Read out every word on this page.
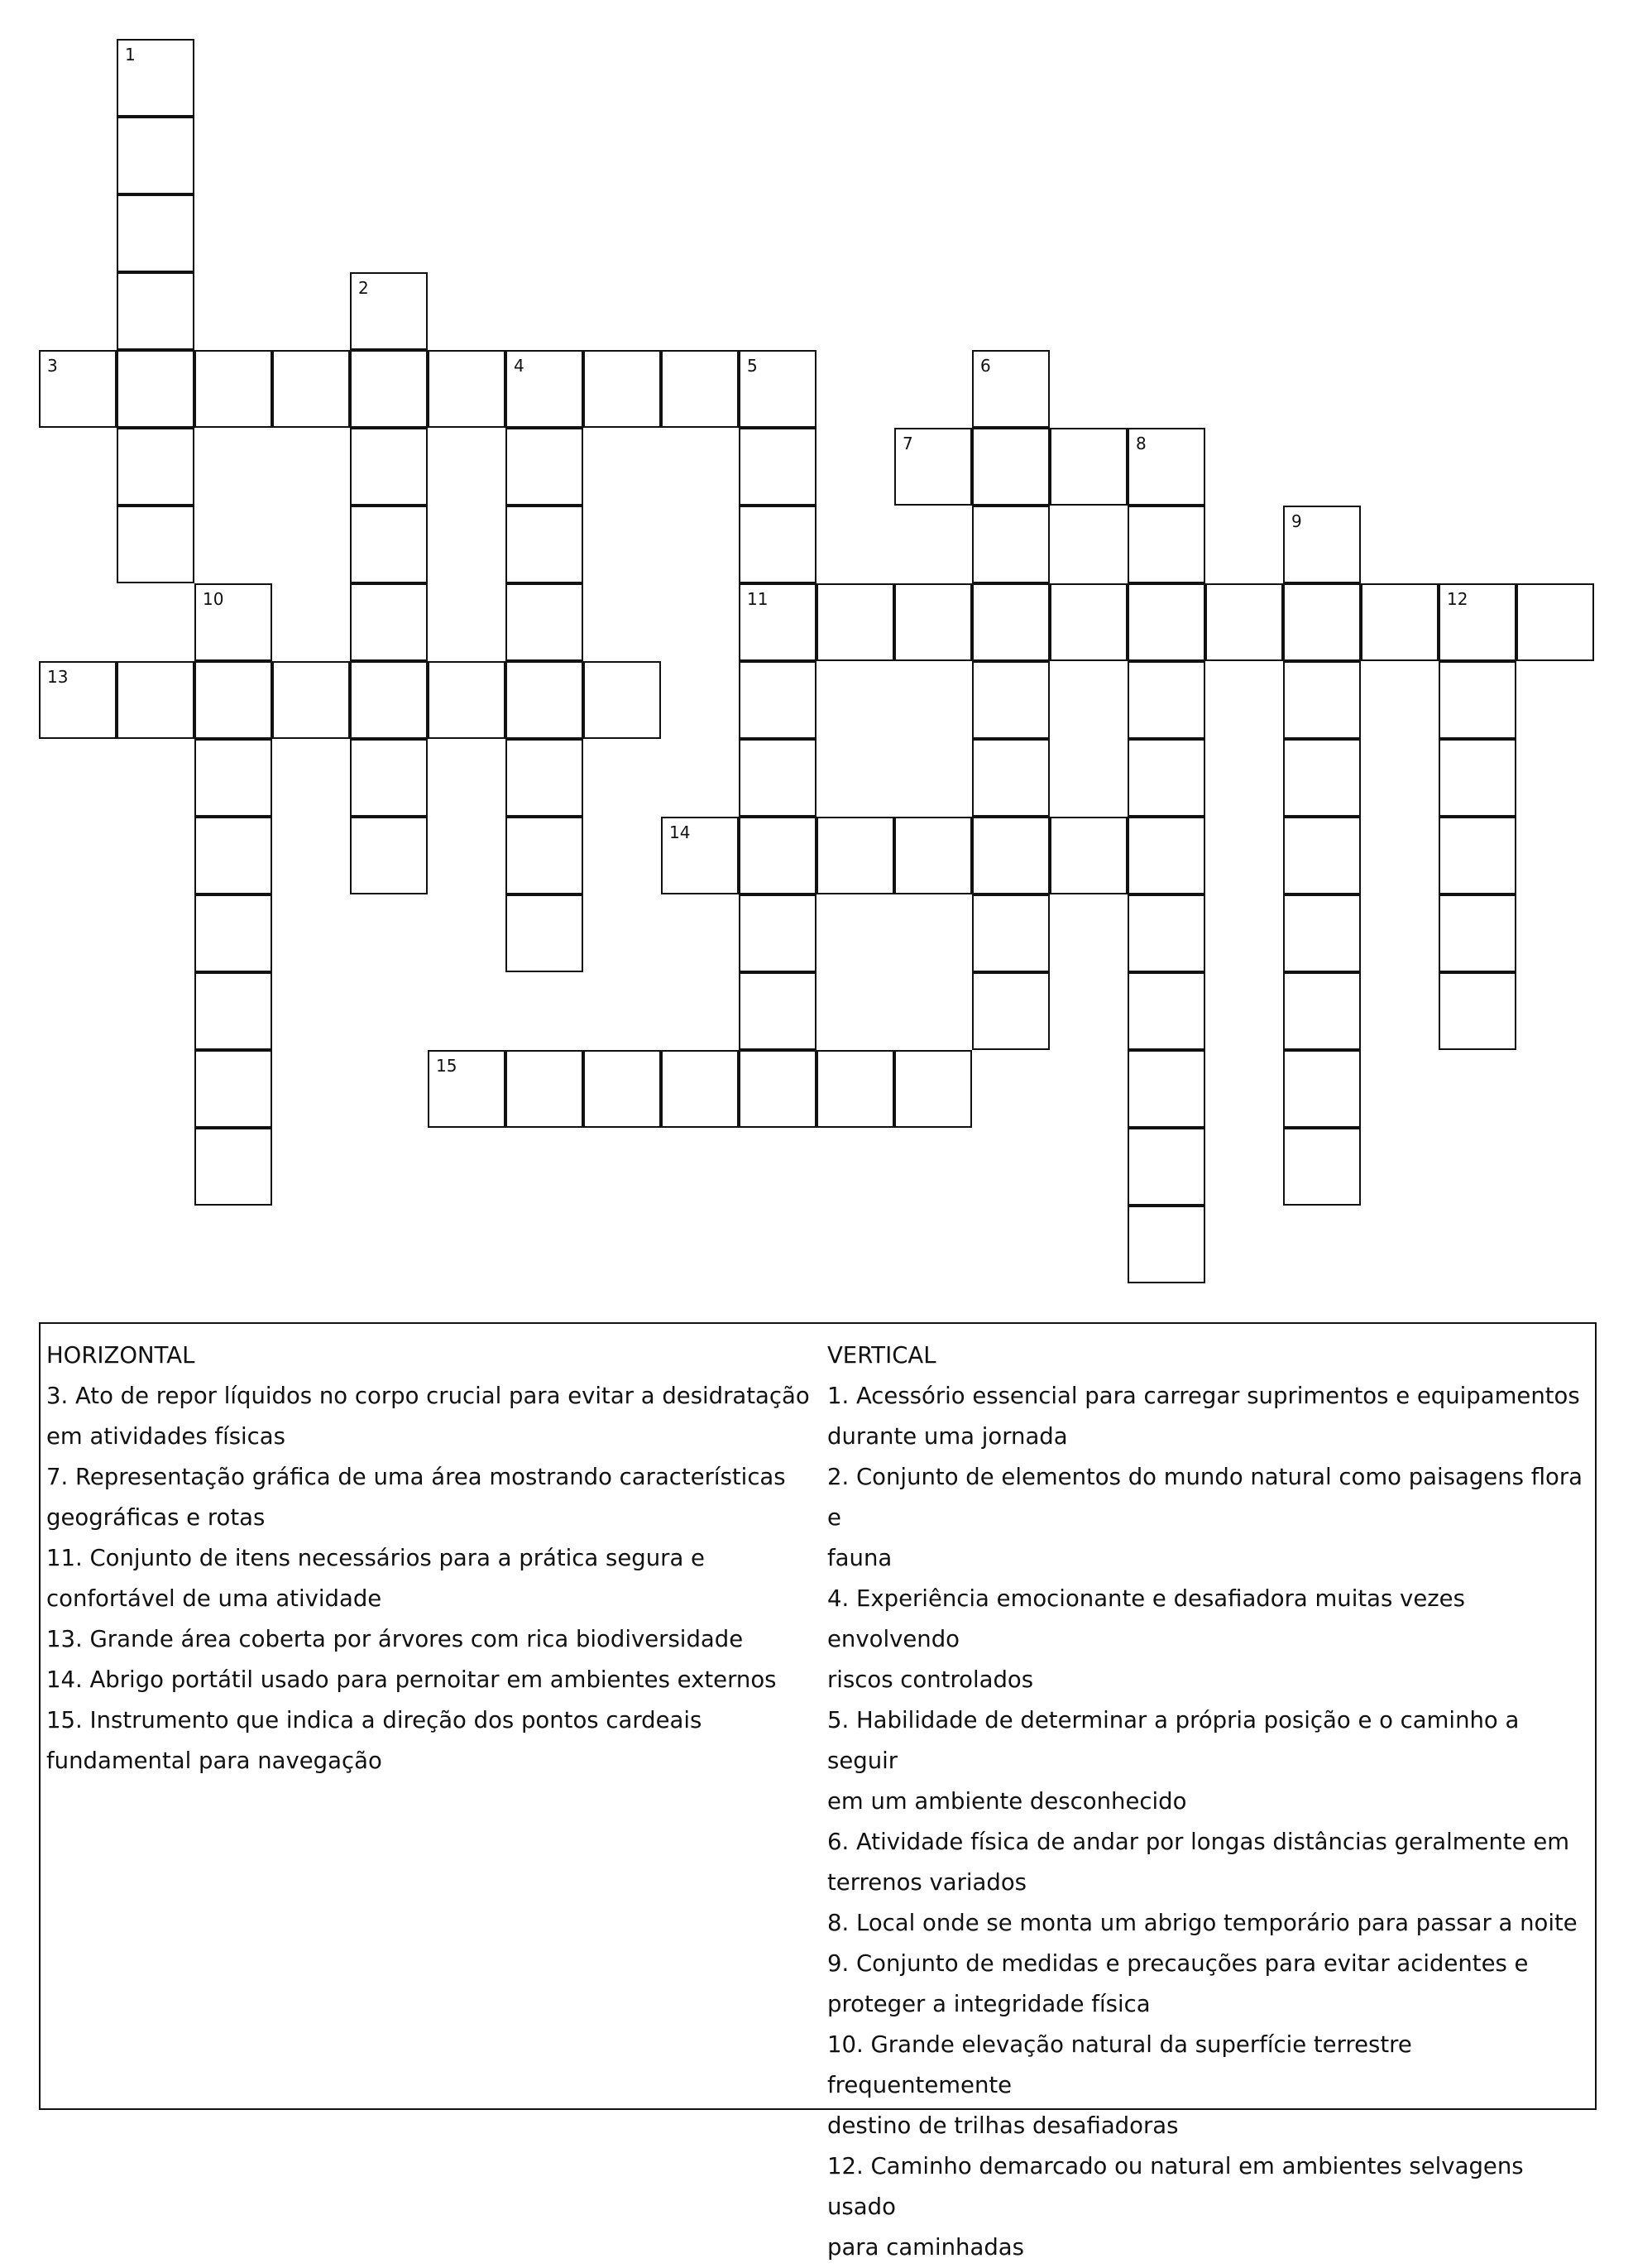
1
2
3	4	5	6
11
7	8
9
10	12
13
14
15
HORIZONTAL
3. Ato de repor líquidos no corpo crucial para evitar a desidratação
em atividades físicas
7. Representação gráfica de uma área mostrando características
geográficas e rotas
11. Conjunto de itens necessários para a prática segura e
confortável de uma atividade
13. Grande área coberta por árvores com rica biodiversidade
14. Abrigo portátil usado para pernoitar em ambientes externos
15. Instrumento que indica a direção dos pontos cardeais
fundamental para navegação
VERTICAL
1. Acessório essencial para carregar suprimentos e equipamentos
durante uma jornada
2. Conjunto de elementos do mundo natural como paisagens flora e
fauna
4. Experiência emocionante e desafiadora muitas vezes envolvendo
riscos controlados
5. Habilidade de determinar a própria posição e o caminho a seguir
em um ambiente desconhecido
6. Atividade física de andar por longas distâncias geralmente em
terrenos variados
8. Local onde se monta um abrigo temporário para passar a noite
9. Conjunto de medidas e precauções para evitar acidentes e
proteger a integridade física
10. Grande elevação natural da superfície terrestre frequentemente
destino de trilhas desafiadoras
12. Caminho demarcado ou natural em ambientes selvagens usado
para caminhadas
